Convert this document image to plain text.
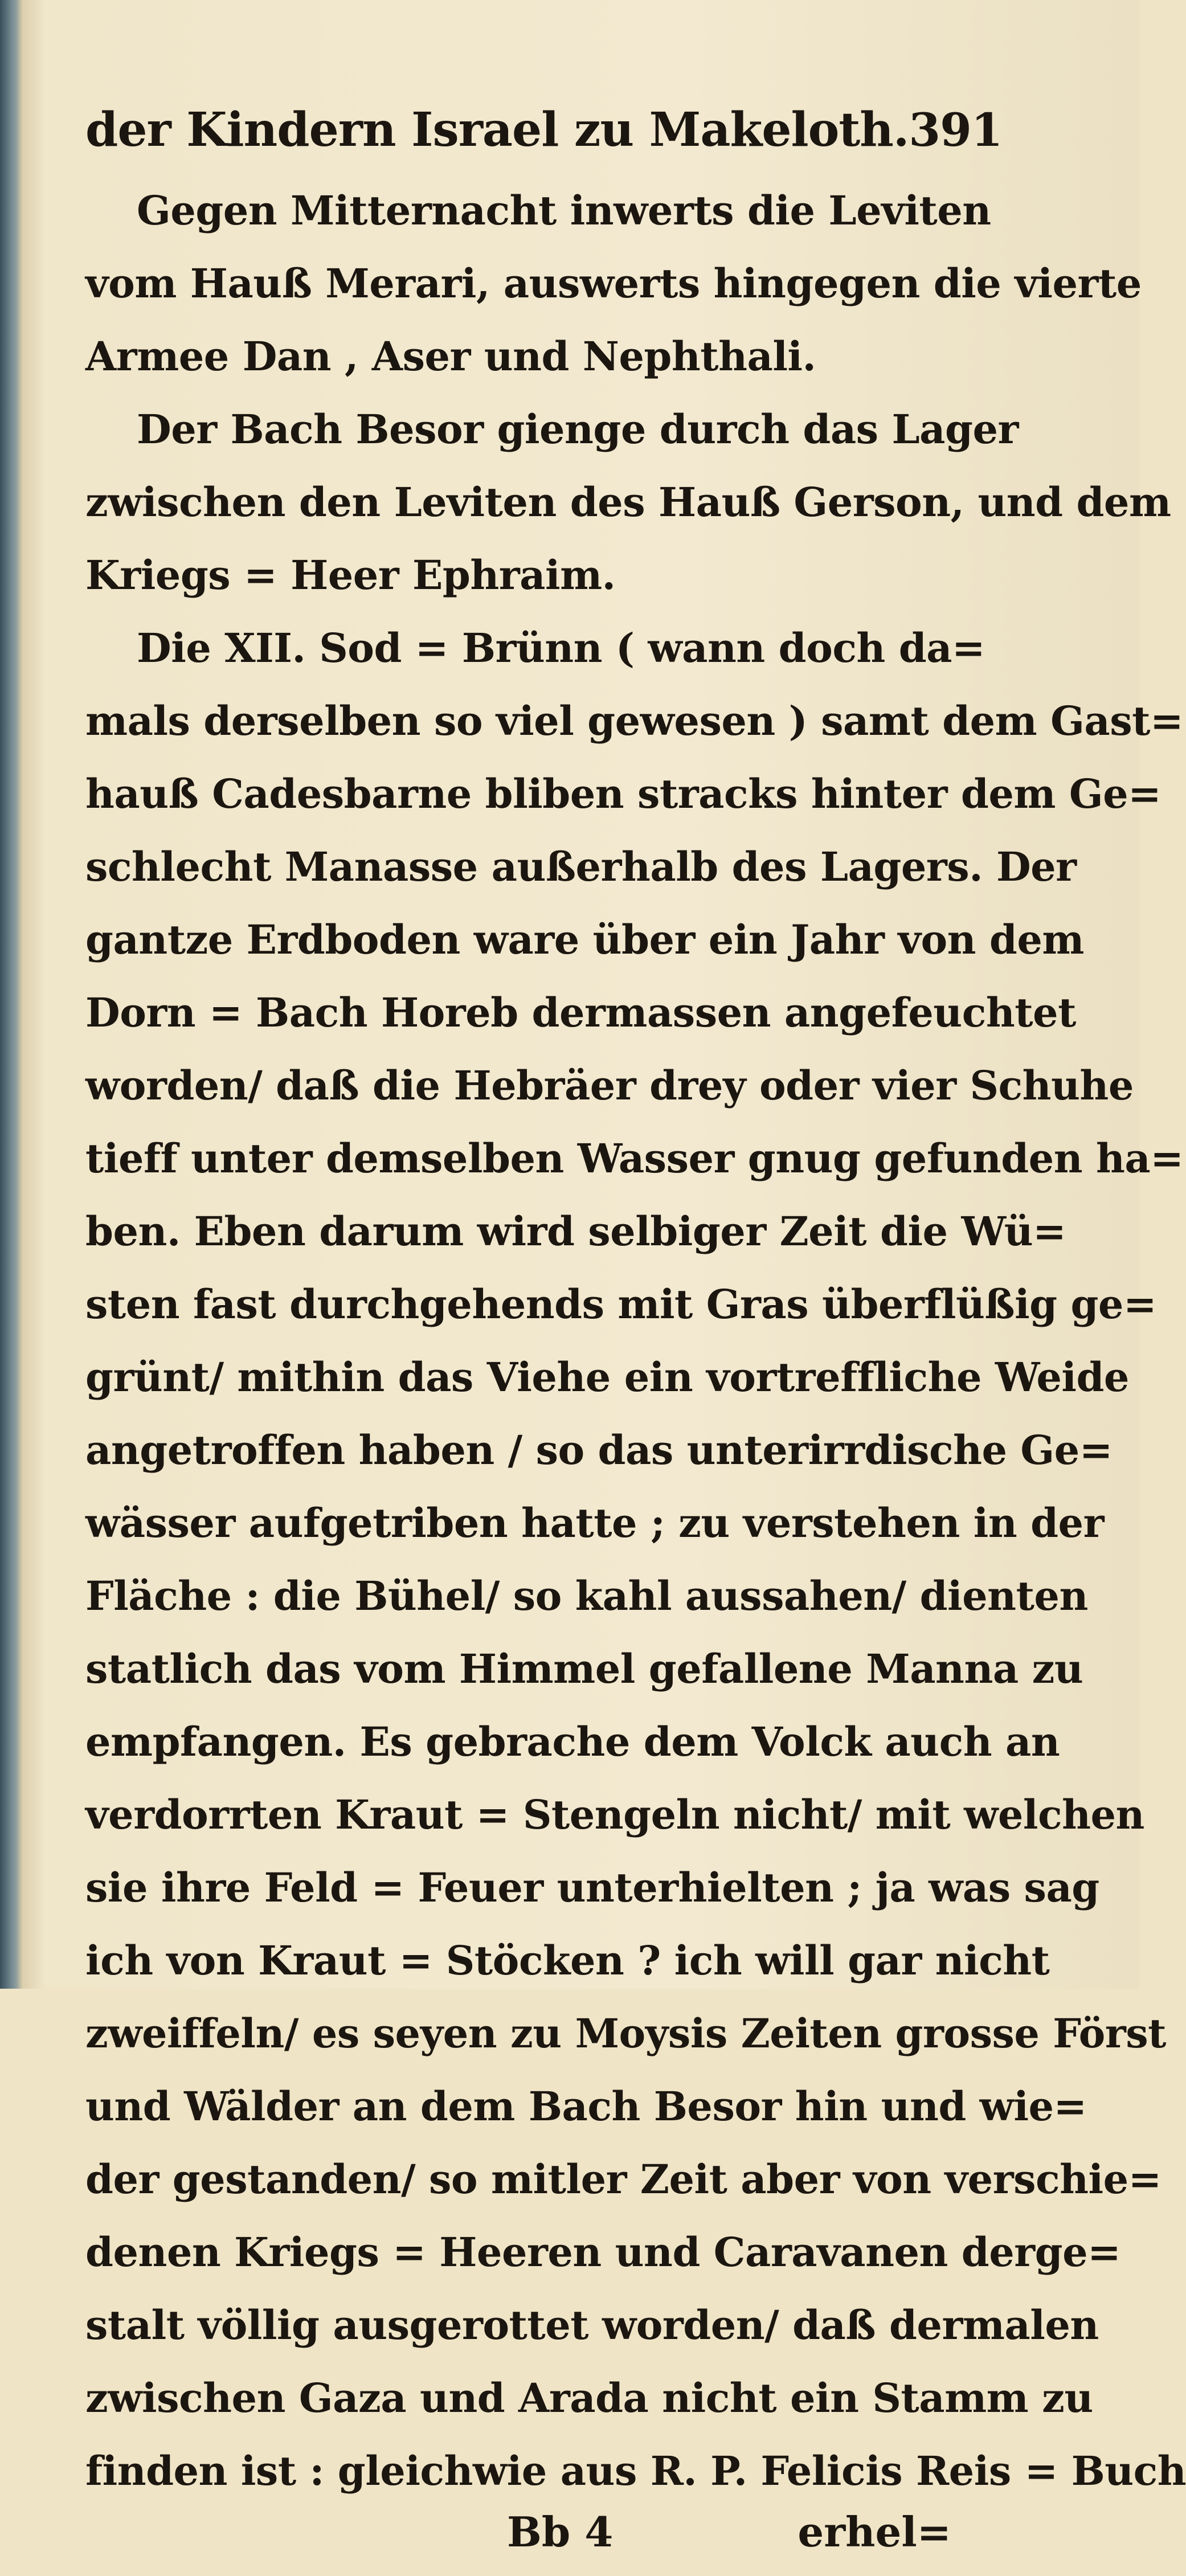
der Kindern Israel zu Makeloth. 391
Gegen Mitternacht inwerts die Leviten
vom Hauß Merari, auswerts hingegen die vierte
Armee Dan , Aser und Nephthali.
Der Bach Besor gienge durch das Lager
zwischen den Leviten des Hauß Gerson, und dem
Kriegs = Heer Ephraim.
Die XII. Sod = Brünn ( wann doch da=
mals derselben so viel gewesen ) samt dem Gast=
hauß Cadesbarne bliben stracks hinter dem Ge=
schlecht Manasse außerhalb des Lagers. Der
gantze Erdboden ware über ein Jahr von dem
Dorn = Bach Horeb dermassen angefeuchtet
worden/ daß die Hebräer drey oder vier Schuhe
tieff unter demselben Wasser gnug gefunden ha=
ben. Eben darum wird selbiger Zeit die Wü=
sten fast durchgehends mit Gras überflüßig ge=
grünt/ mithin das Viehe ein vortreffliche Weide
angetroffen haben / so das unterirrdische Ge=
wässer aufgetriben hatte ; zu verstehen in der
Fläche : die Bühel/ so kahl aussahen/ dienten
statlich das vom Himmel gefallene Manna zu
empfangen. Es gebrache dem Volck auch an
verdorrten Kraut = Stengeln nicht/ mit welchen
sie ihre Feld = Feuer unterhielten ; ja was sag
ich von Kraut = Stöcken ? ich will gar nicht
zweiffeln/ es seyen zu Moysis Zeiten grosse Först
und Wälder an dem Bach Besor hin und wie=
der gestanden/ so mitler Zeit aber von verschie=
denen Kriegs = Heeren und Caravanen derge=
stalt völlig ausgerottet worden/ daß dermalen
zwischen Gaza und Arada nicht ein Stamm zu
finden ist : gleichwie aus R. P. Felicis Reis = Buch
Bb 4	erhel=
